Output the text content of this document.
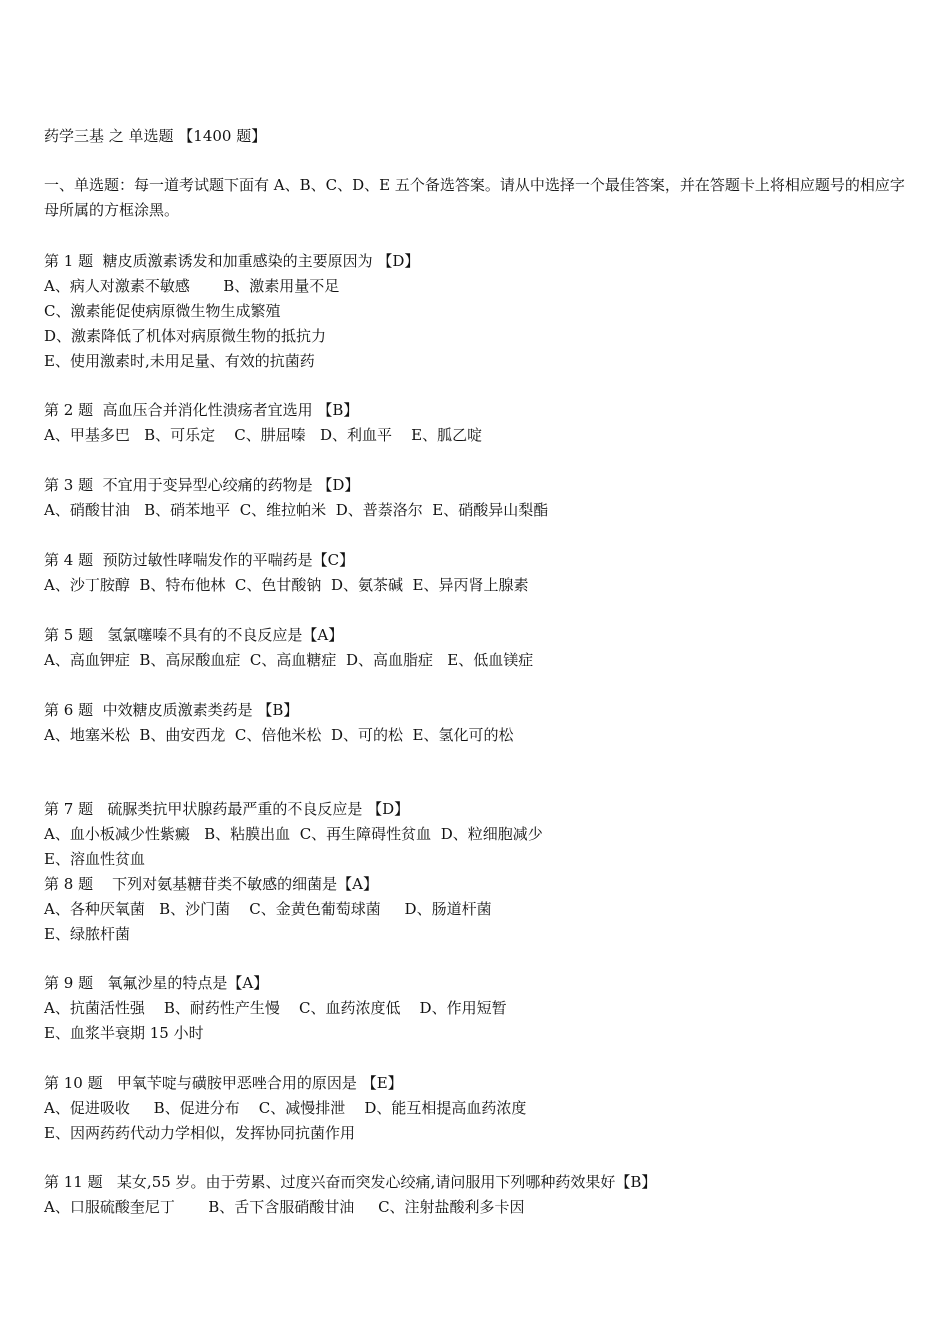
药学三基 之 单选题 【1400 题】
一、单选题：每一道考试题下面有 A、B、C、D、E 五个备选答案。请从中选择一个最佳答案，并在答题卡上将相应题号的相应字母所属的方框涂黑。
第 1 题  糖皮质激素诱发和加重感染的主要原因为 【D】
A、病人对激素不敏感       B、激素用量不足
C、激素能促使病原微生物生成繁殖
D、激素降低了机体对病原微生物的抵抗力
E、使用激素时,未用足量、有效的抗菌药
第 2 题  高血压合并消化性溃疡者宜选用 【B】
A、甲基多巴   B、可乐定    C、肼屈嗪   D、利血平    E、胍乙啶
第 3 题  不宜用于变异型心绞痛的药物是 【D】
A、硝酸甘油   B、硝苯地平  C、维拉帕米  D、普萘洛尔  E、硝酸异山梨酯
第 4 题  预防过敏性哮喘发作的平喘药是【C】
A、沙丁胺醇  B、特布他林  C、色甘酸钠  D、氨茶碱  E、异丙肾上腺素
第 5 题   氢氯噻嗪不具有的不良反应是【A】
A、高血钾症  B、高尿酸血症  C、高血糖症  D、高血脂症   E、低血镁症
第 6 题  中效糖皮质激素类药是 【B】
A、地塞米松  B、曲安西龙  C、倍他米松  D、可的松  E、氢化可的松
第 7 题   硫脲类抗甲状腺药最严重的不良反应是 【D】
A、血小板减少性紫癜   B、粘膜出血  C、再生障碍性贫血  D、粒细胞减少
E、溶血性贫血
第 8 题    下列对氨基糖苷类不敏感的细菌是【A】
A、各种厌氧菌   B、沙门菌    C、金黄色葡萄球菌     D、肠道杆菌
E、绿脓杆菌
第 9 题   氧氟沙星的特点是【A】
A、抗菌活性强    B、耐药性产生慢    C、血药浓度低    D、作用短暂
E、血浆半衰期 15 小时
第 10 题   甲氧苄啶与磺胺甲恶唑合用的原因是 【E】
A、促进吸收     B、促进分布    C、减慢排泄    D、能互相提高血药浓度
E、因两药药代动力学相似，发挥协同抗菌作用
第 11 题   某女,55 岁。由于劳累、过度兴奋而突发心绞痛,请问服用下列哪种药效果好【B】
A、口服硫酸奎尼丁       B、舌下含服硝酸甘油     C、注射盐酸利多卡因
